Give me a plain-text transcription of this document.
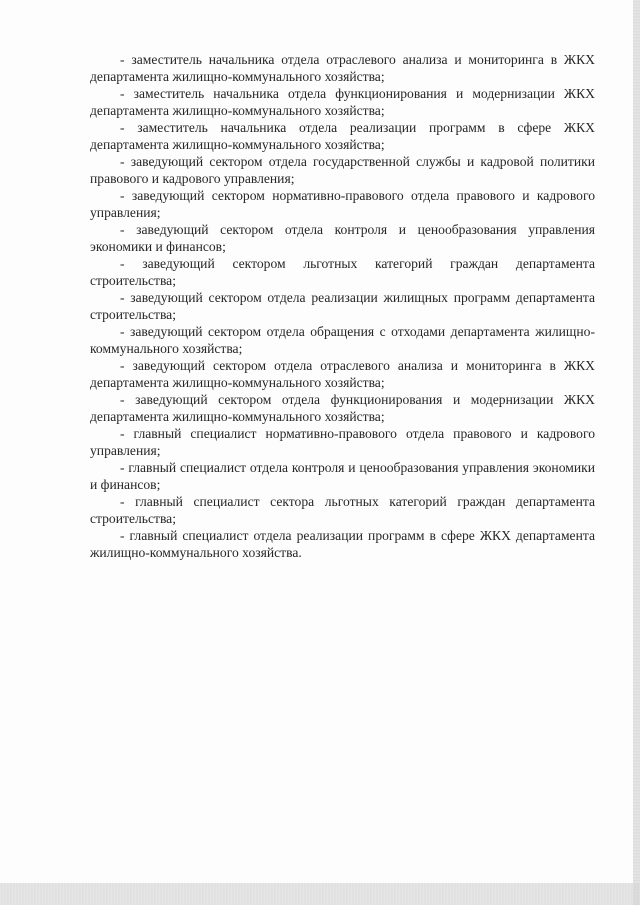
- заместитель начальника отдела отраслевого анализа и мониторинга в ЖКХ департамента жилищно-коммунального хозяйства;

- заместитель начальника отдела функционирования и модернизации ЖКХ департамента жилищно-коммунального хозяйства;

- заместитель начальника отдела реализации программ в сфере ЖКХ департамента жилищно-коммунального хозяйства;

- заведующий сектором отдела государственной службы и кадровой политики правового и кадрового управления;

- заведующий сектором нормативно-правового отдела правового и кадрового управления;

- заведующий сектором отдела контроля и ценообразования управления экономики и финансов;

- заведующий сектором льготных категорий граждан департамента строительства;

- заведующий сектором отдела реализации жилищных программ департамента строительства;

- заведующий сектором отдела обращения с отходами департамента жилищно-коммунального хозяйства;

- заведующий сектором отдела отраслевого анализа и мониторинга в ЖКХ департамента жилищно-коммунального хозяйства;

- заведующий сектором отдела функционирования и модернизации ЖКХ департамента жилищно-коммунального хозяйства;

- главный специалист нормативно-правового отдела правового и кадрового управления;

- главный специалист отдела контроля и ценообразования управления экономики и финансов;

- главный специалист сектора льготных категорий граждан департамента строительства;

- главный специалист отдела реализации программ в сфере ЖКХ департамента жилищно-коммунального хозяйства.
